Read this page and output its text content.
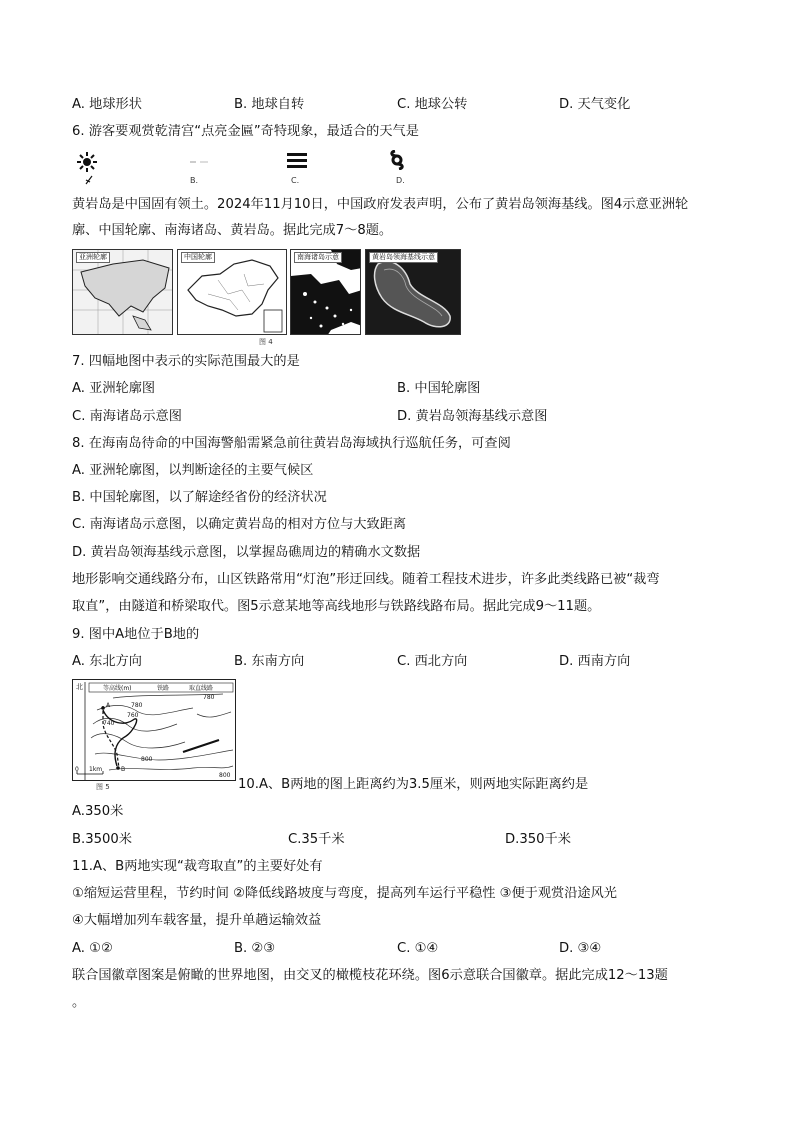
A. 地球形状	B. 地球自转	C. 地球公转	D. 天气变化
6. 游客要观赏乾清宫“点亮金匾”奇特现象，最适合的天气是
B.	C.	D.
黄岩岛是中国固有领土。2024年11月10日，中国政府发表声明，公布了黄岩岛领海基线。图4示意亚洲轮
廓、中国轮廓、南海诸岛、黄岩岛。据此完成7～8题。
亚洲轮廓	中国轮廓	南海诸岛示意	黄岩岛领海基线示意
图 4
7. 四幅地图中表示的实际范围最大的是
A. 亚洲轮廓图	B. 中国轮廓图
C. 南海诸岛示意图	D. 黄岩岛领海基线示意图
8. 在海南岛待命的中国海警船需紧急前往黄岩岛海域执行巡航任务，可查阅
A. 亚洲轮廓图，以判断途径的主要气候区
B. 中国轮廓图，以了解途经省份的经济状况
C. 南海诸岛示意图，以确定黄岩岛的相对方位与大致距离
D. 黄岩岛领海基线示意图，以掌握岛礁周边的精确水文数据
地形影响交通线路分布，山区铁路常用“灯泡”形迂回线。随着工程技术进步，许多此类线路已被“裁弯
取直”，由隧道和桥梁取代。图5示意某地等高线地形与铁路线路布局。据此完成9～11题。
9. 图中A地位于B地的
A. 东北方向	B. 东南方向	C. 西北方向	D. 西南方向
北	等高线(m)	铁路	取直线路
780
760
740
780
800
800
A
B
0 1km
图 5	10.A、B两地的图上距离约为3.5厘米，则两地实际距离约是
A.350米
B.3500米	C.35千米	D.350千米
11.A、B两地实现“裁弯取直”的主要好处有
①缩短运营里程，节约时间 ②降低线路坡度与弯度，提高列车运行平稳性 ③便于观赏沿途风光
④大幅增加列车载客量，提升单趟运输效益
A. ①②	B. ②③	C. ①④	D. ③④
联合国徽章图案是俯瞰的世界地图，由交叉的橄榄枝花环绕。图6示意联合国徽章。据此完成12～13题
。
